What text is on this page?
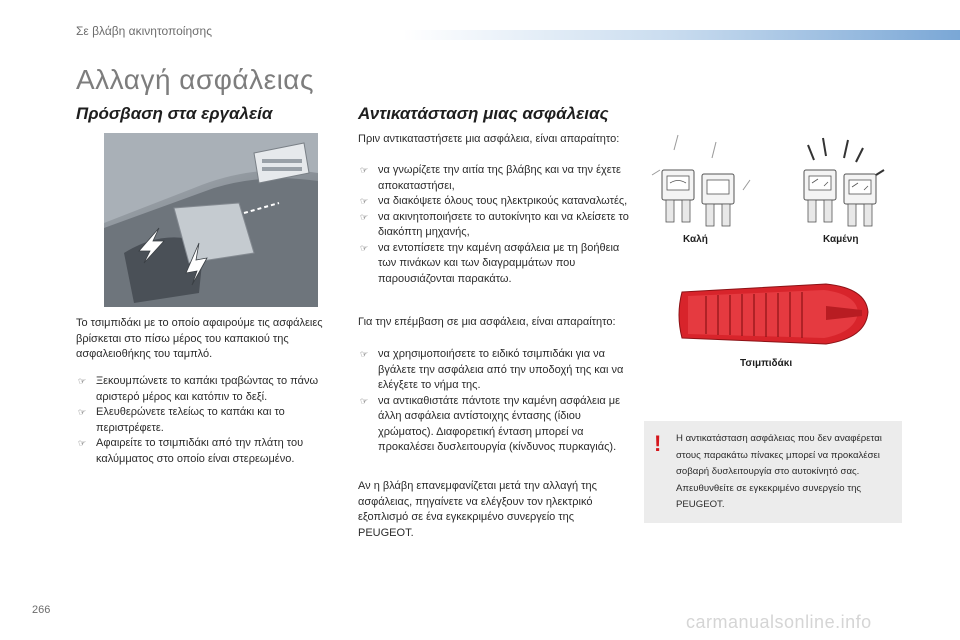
Σε βλάβη ακινητοποίησης
Αλλαγή ασφάλειας
Πρόσβαση στα εργαλεία
Το τσιμπιδάκι με το οποίο αφαιρούμε τις ασφάλειες βρίσκεται στο πίσω μέρος του καπακιού της ασφαλειοθήκης του ταμπλό.
☞ Ξεκουμπώνετε το καπάκι τραβώντας το πάνω αριστερό μέρος και κατόπιν το δεξί.
☞ Ελευθερώνετε τελείως το καπάκι και το περιστρέφετε.
☞ Αφαιρείτε το τσιμπιδάκι από την πλάτη του καλύμματος στο οποίο είναι στερεωμένο.
Αντικατάσταση μιας ασφάλειας
Πριν αντικαταστήσετε μια ασφάλεια, είναι απαραίτητο:
☞ να γνωρίζετε την αιτία της βλάβης και να την έχετε αποκαταστήσει,
☞ να διακόψετε όλους τους ηλεκτρικούς καταναλωτές,
☞ να ακινητοποιήσετε το αυτοκίνητο και να κλείσετε το διακόπτη μηχανής,
☞ να εντοπίσετε την καμένη ασφάλεια με τη βοήθεια των πινάκων και των διαγραμμάτων που παρουσιάζονται παρακάτω.
Για την επέμβαση σε μια ασφάλεια, είναι απαραίτητο:
☞ να χρησιμοποιήσετε το ειδικό τσιμπιδάκι για να βγάλετε την ασφάλεια από την υποδοχή της και να ελέγξετε το νήμα της.
☞ να αντικαθιστάτε πάντοτε την καμένη ασφάλεια με άλλη ασφάλεια αντίστοιχης έντασης (ίδιου χρώματος). Διαφορετική ένταση μπορεί να προκαλέσει δυσλειτουργία (κίνδυνος πυρκαγιάς).
Αν η βλάβη επανεμφανίζεται μετά την αλλαγή της ασφάλειας, πηγαίνετε να ελέγξουν τον ηλεκτρικό εξοπλισμό σε ένα εγκεκριμένο συνεργείο της PEUGEOT.
Καλή	Καμένη
Τσιμπιδάκι
! Η αντικατάσταση ασφάλειας που δεν αναφέρεται στους παρακάτω πίνακες μπορεί να προκαλέσει σοβαρή δυσλειτουργία στο αυτοκίνητό σας. Απευθυνθείτε σε εγκεκριμένο συνεργείο της PEUGEOT.
266
carmanualsonline.info
